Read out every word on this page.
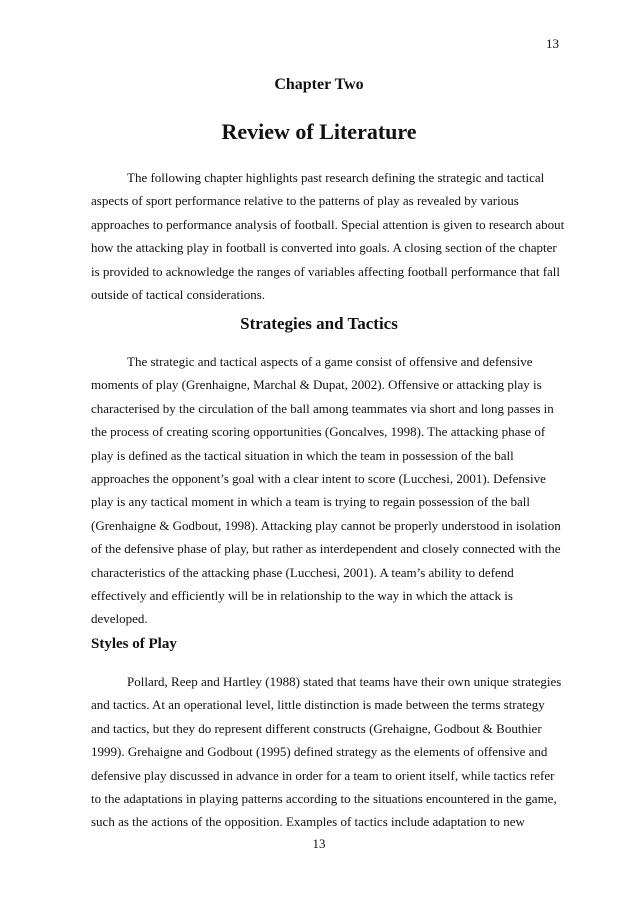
13
Chapter Two
Review of Literature

The following chapter highlights past research defining the strategic and tactical
aspects of sport performance relative to the patterns of play as revealed by various
approaches to performance analysis of football. Special attention is given to research about
how the attacking play in football is converted into goals. A closing section of the chapter
is provided to acknowledge the ranges of variables affecting football performance that fall
outside of tactical considerations.

Strategies and Tactics

The strategic and tactical aspects of a game consist of offensive and defensive
moments of play (Grenhaigne, Marchal & Dupat, 2002). Offensive or attacking play is
characterised by the circulation of the ball among teammates via short and long passes in
the process of creating scoring opportunities (Goncalves, 1998). The attacking phase of
play is defined as the tactical situation in which the team in possession of the ball
approaches the opponent’s goal with a clear intent to score (Lucchesi, 2001). Defensive
play is any tactical moment in which a team is trying to regain possession of the ball
(Grenhaigne & Godbout, 1998). Attacking play cannot be properly understood in isolation
of the defensive phase of play, but rather as interdependent and closely connected with the
characteristics of the attacking phase (Lucchesi, 2001). A team’s ability to defend
effectively and efficiently will be in relationship to the way in which the attack is
developed.

Styles of Play

Pollard, Reep and Hartley (1988) stated that teams have their own unique strategies
and tactics. At an operational level, little distinction is made between the terms strategy
and tactics, but they do represent different constructs (Grehaigne, Godbout & Bouthier
1999). Grehaigne and Godbout (1995) defined strategy as the elements of offensive and
defensive play discussed in advance in order for a team to orient itself, while tactics refer
to the adaptations in playing patterns according to the situations encountered in the game,
such as the actions of the opposition. Examples of tactics include adaptation to new

13
